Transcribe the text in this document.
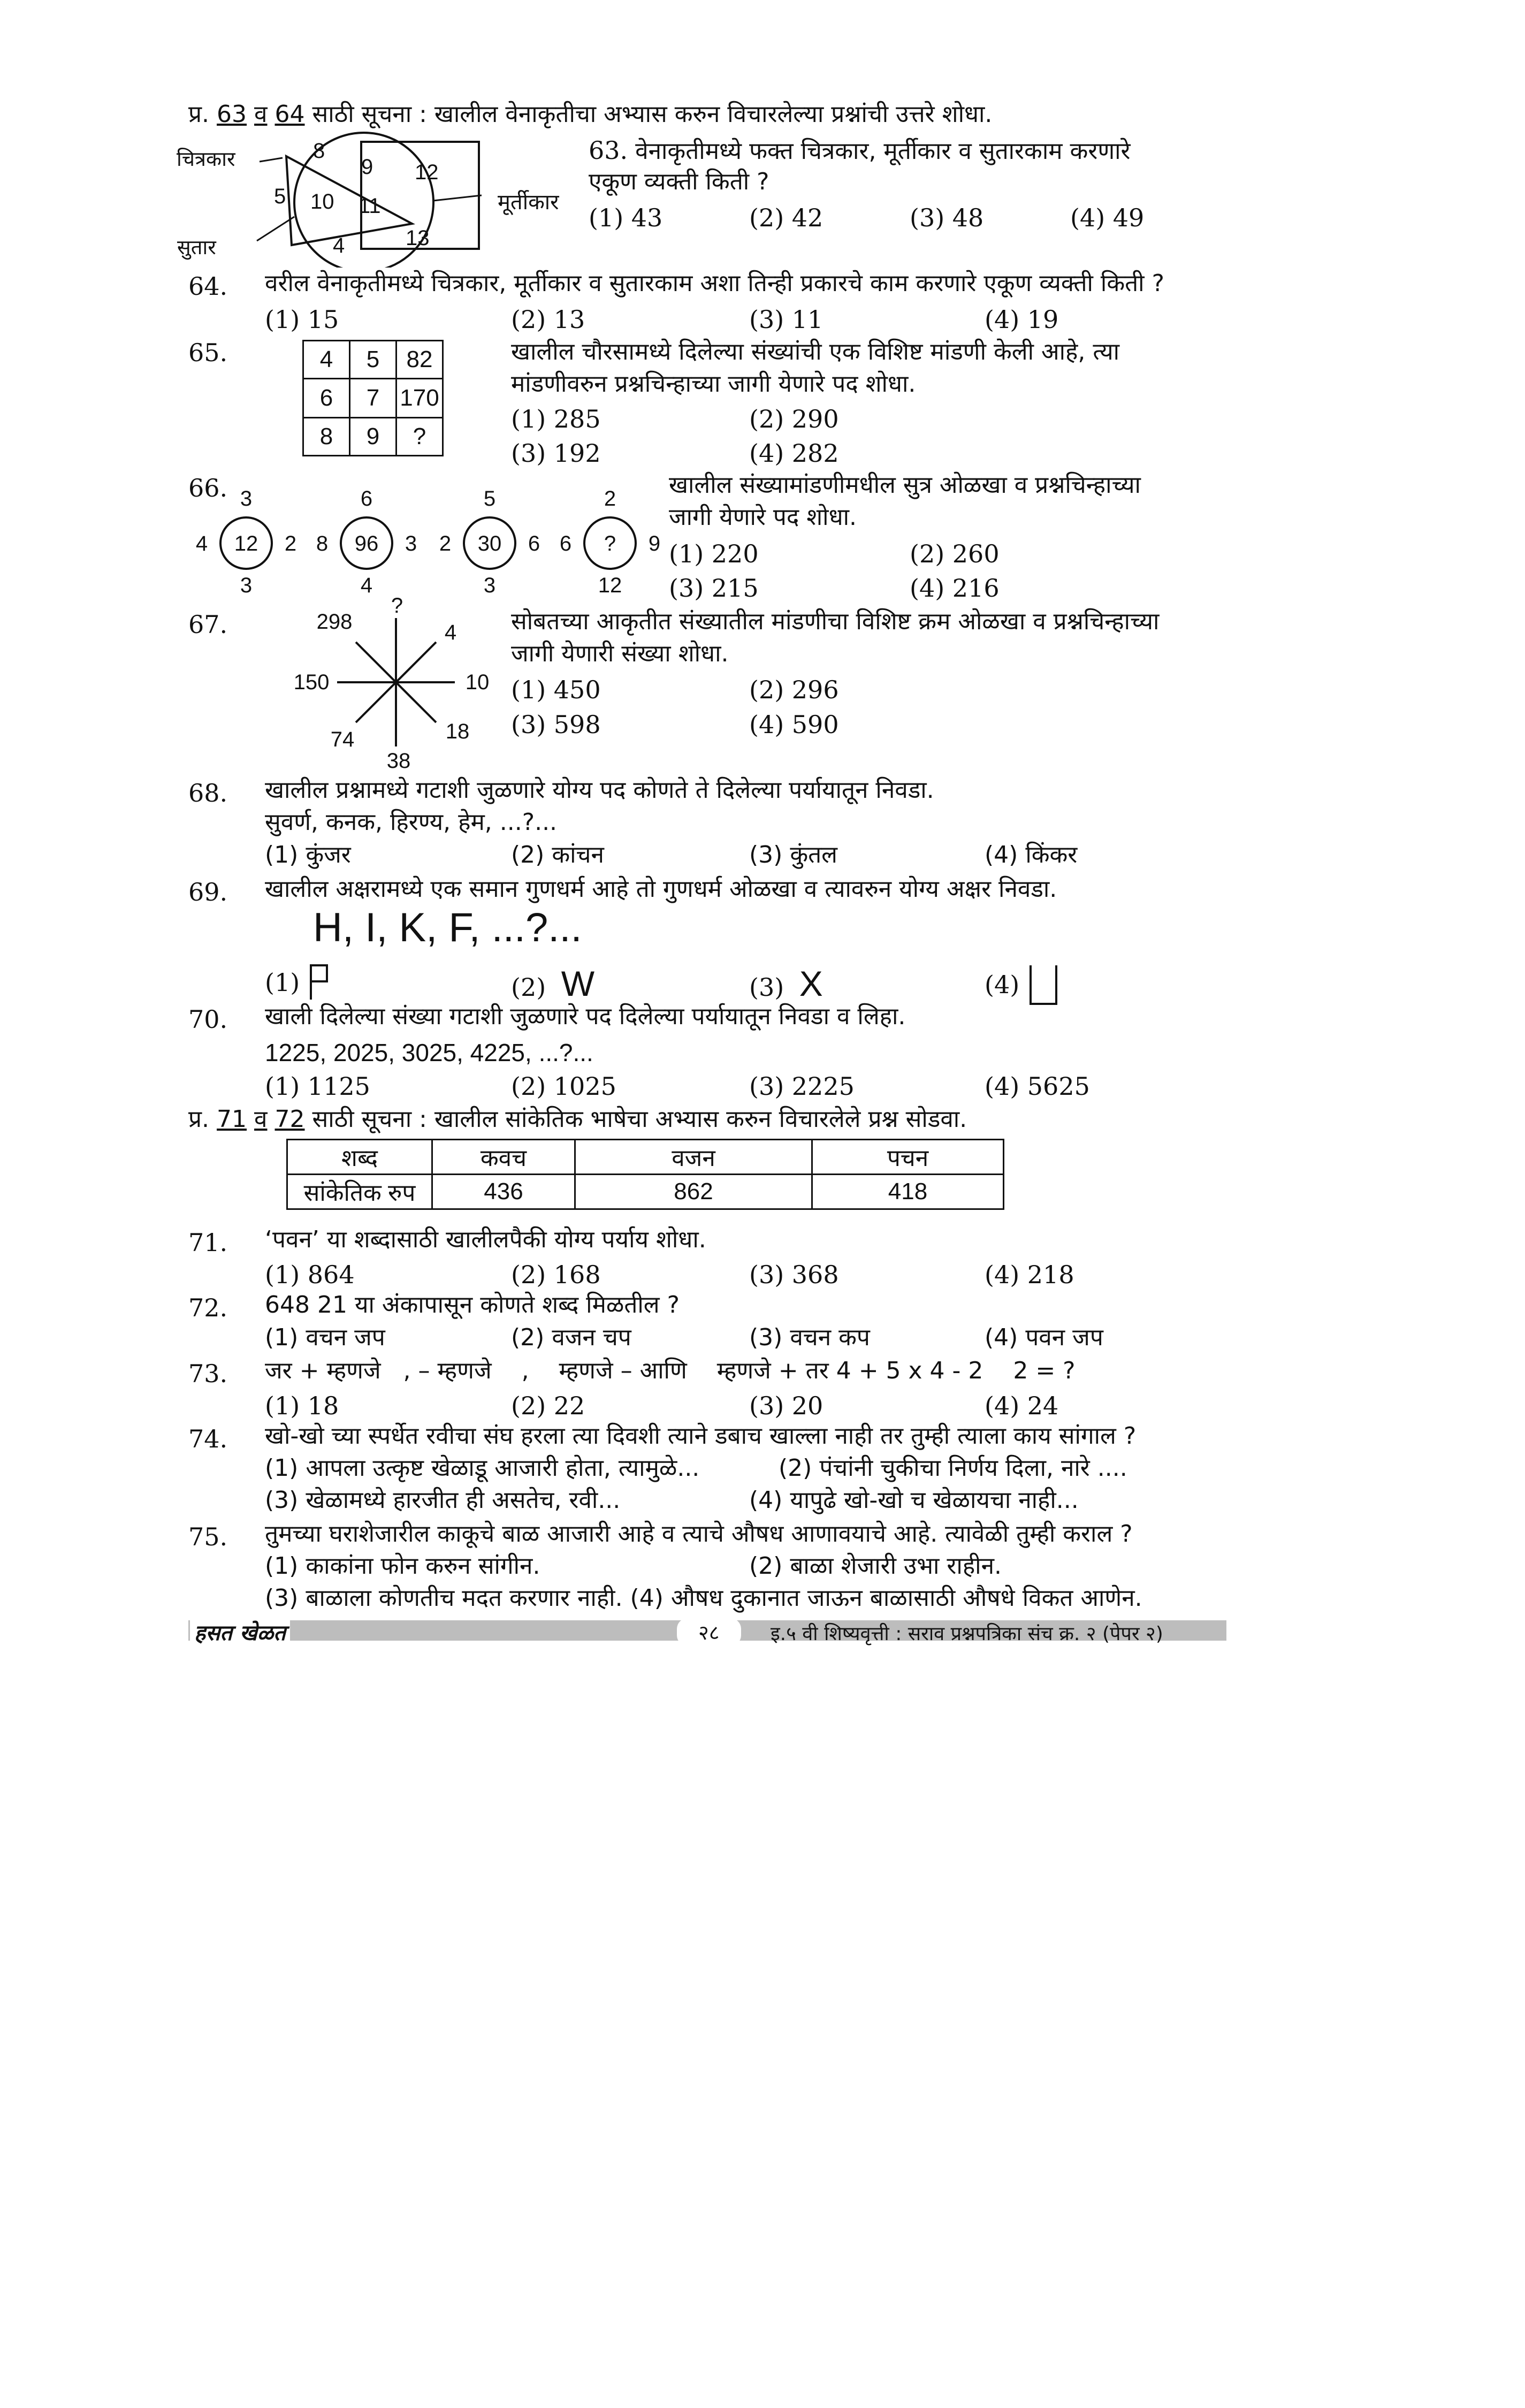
प्र. 63 व 64 साठी सूचना : खालील वेनाकृतीचा अभ्यास करुन विचारलेल्या प्रश्नांची उत्तरे शोधा.
चित्रकार	8
9 12
5 10 11
4	13
सुतार
मूर्तीकार
63. वेनाकृतीमध्ये फक्त चित्रकार, मूर्तीकार व सुतारकाम करणारे
एकूण व्यक्ती किती ?
(1) 43	(2) 42	(3) 48	(4) 49
64. वरील वेनाकृतीमध्ये चित्रकार, मूर्तीकार व सुतारकाम अशा तिन्ही प्रकारचे काम करणारे एकूण व्यक्ती किती ?
(1) 15	(2) 13	(3) 11	(4) 19
65.	4	5	82
6	7	170
8	9	?
खालील चौरसामध्ये दिलेल्या संख्यांची एक विशिष्ट मांडणी केली आहे, त्या
मांडणीवरुन प्रश्नचिन्हाच्या जागी येणारे पद शोधा.
(1) 285	(2) 290
(3) 192	(4) 282
66. 3
4 12 2
3
6
8 96 3
4
5
2 30 6
3
2
6 ? 9
12
खालील संख्यामांडणीमधील सुत्र ओळखा व प्रश्नचिन्हाच्या
जागी येणारे पद शोधा.
(1) 220	(2) 260
(3) 215	(4) 216
67.
?
298	4
150	10
74
38
18
सोबतच्या आकृतीत संख्यातील मांडणीचा विशिष्ट क्रम ओळखा व प्रश्नचिन्हाच्या
जागी येणारी संख्या शोधा.
(1) 450	(2) 296
(3) 598	(4) 590
68. खालील प्रश्नामध्ये गटाशी जुळणारे योग्य पद कोणते ते दिलेल्या पर्यायातून निवडा.
सुवर्ण, कनक, हिरण्य, हेम, ...?...
(1) कुंजर	(2) कांचन	(3) कुंतल	(4) किंकर
69. खालील अक्षरामध्ये एक समान गुणधर्म आहे तो गुणधर्म ओळखा व त्यावरुन योग्य अक्षर निवडा.
H, I, K, F, ...?...
(1)	(2) W	(3) X	(4)
70. खाली दिलेल्या संख्या गटाशी जुळणारे पद दिलेल्या पर्यायातून निवडा व लिहा.
1225, 2025, 3025, 4225, ...?...
(1) 1125	(2) 1025	(3) 2225	(4) 5625
प्र. 71 व 72 साठी सूचना : खालील सांकेतिक भाषेचा अभ्यास करुन विचारलेले प्रश्न सोडवा.
शब्द	कवच	वजन	पचन
सांकेतिक रुप	436	862	418
71. ‘पवन’ या शब्दासाठी खालीलपैकी योग्य पर्याय शोधा.
(1) 864	(2) 168	(3) 368	(4) 218
72. 648 21 या अंकापासून कोणते शब्द मिळतील ?
(1) वचन जप	(2) वजन चप	(3) वचन कप	(4) पवन जप
73. जर + म्हणजे   , – म्हणजे    ,    म्हणजे – आणि    म्हणजे + तर 4 + 5 x 4 - 2    2 = ?
(1) 18	(2) 22	(3) 20	(4) 24
74. खो-खो च्या स्पर्धेत रवीचा संघ हरला त्या दिवशी त्याने डबाच खाल्ला नाही तर तुम्ही त्याला काय सांगाल ?
(1) आपला उत्कृष्ट खेळाडू आजारी होता, त्यामुळे...	(2) पंचांनी चुकीचा निर्णय दिला, नारे ....
(3) खेळामध्ये हारजीत ही असतेच, रवी...	(4) यापुढे खो-खो च खेळायचा नाही...
75. तुमच्या घराशेजारील काकूचे बाळ आजारी आहे व त्याचे औषध आणावयाचे आहे. त्यावेळी तुम्ही कराल ?
(1) काकांना फोन करुन सांगीन.	(2) बाळा शेजारी उभा राहीन.
(3) बाळाला कोणतीच मदत करणार नाही. (4) औषध दुकानात जाऊन बाळासाठी औषधे विकत आणेन.
हसत खेळत	२८	इ.५ वी शिष्यवृत्ती : सराव प्रश्नपत्रिका संच क्र. २ (पेपर २)
